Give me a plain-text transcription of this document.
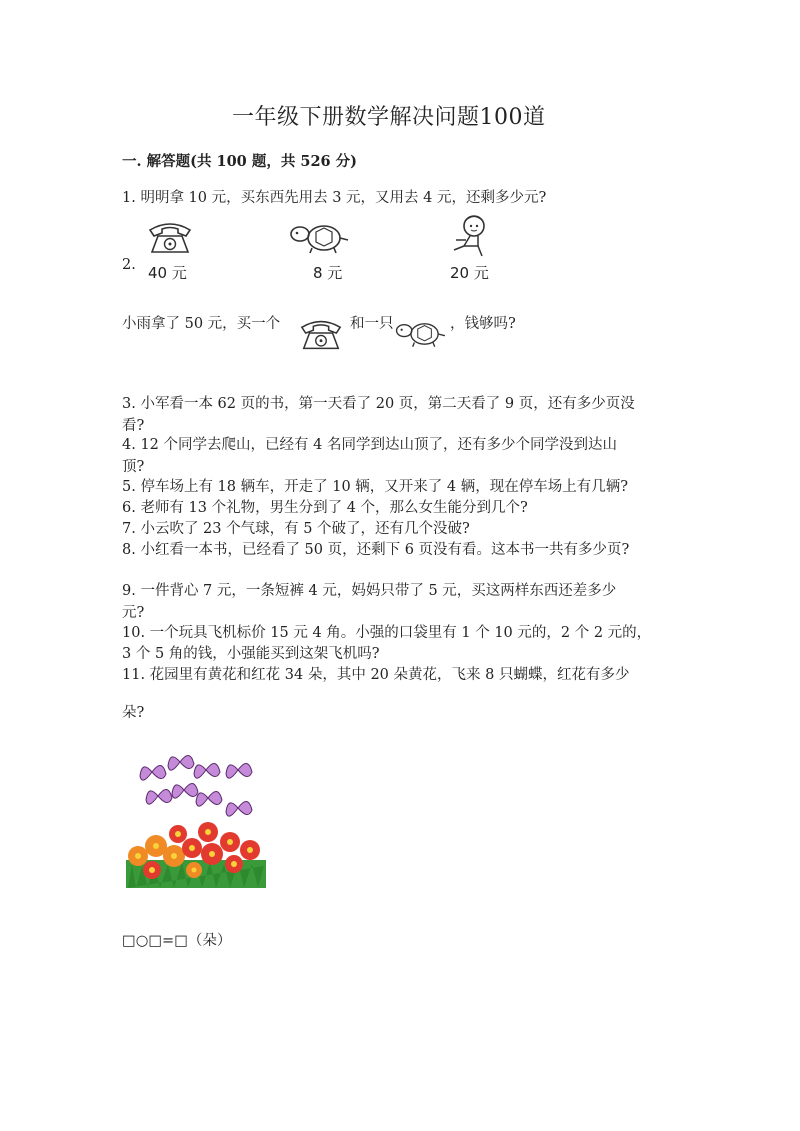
一年级下册数学解决问题100道
一. 解答题(共 100 题，共 526 分)
1. 明明拿 10 元，买东西先用去 3 元，又用去 4 元，还剩多少元?
2. 40 元	8 元	20 元
小雨拿了 50 元，买一个	和一只	，钱够吗?
3. 小军看一本 62 页的书，第一天看了 20 页，第二天看了 9 页，还有多少页没
看?
4. 12 个同学去爬山，已经有 4 名同学到达山顶了，还有多少个同学没到达山
顶?
5. 停车场上有 18 辆车，开走了 10 辆，又开来了 4 辆，现在停车场上有几辆?
6. 老师有 13 个礼物，男生分到了 4 个，那么女生能分到几个?
7. 小云吹了 23 个气球，有 5 个破了，还有几个没破?
8. 小红看一本书，已经看了 50 页，还剩下 6 页没有看。这本书一共有多少页?
9. 一件背心 7 元，一条短裤 4 元，妈妈只带了 5 元，买这两样东西还差多少
元?
10. 一个玩具飞机标价 15 元 4 角。小强的口袋里有 1 个 10 元的，2 个 2 元的，
3 个 5 角的钱，小强能买到这架飞机吗?
11. 花园里有黄花和红花 34 朵，其中 20 朵黄花，飞来 8 只蝴蝶，红花有多少
朵?
□○□=□（朵）
